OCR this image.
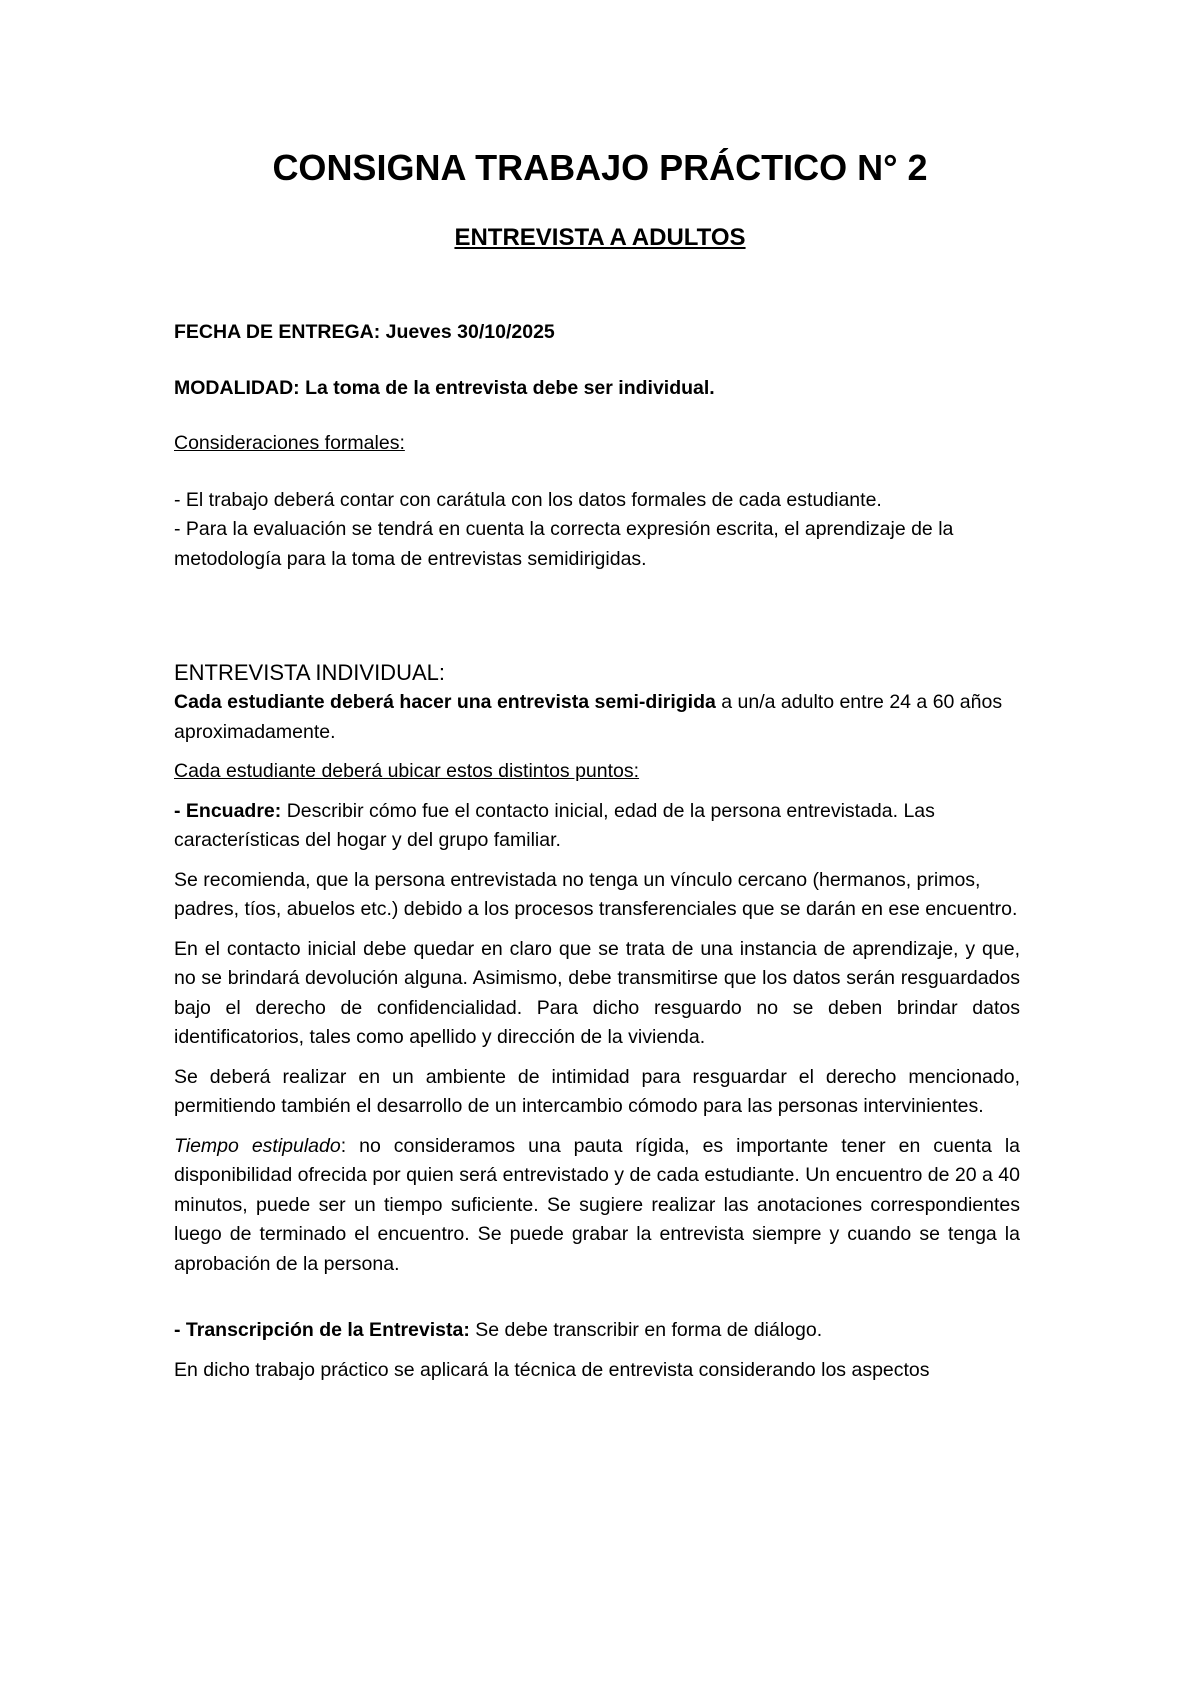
CONSIGNA TRABAJO PRÁCTICO N° 2
ENTREVISTA A ADULTOS

FECHA DE ENTREGA: Jueves 30/10/2025

MODALIDAD: La toma de la entrevista debe ser individual.

Consideraciones formales:

- El trabajo deberá contar con carátula con los datos formales de cada estudiante.

- Para la evaluación se tendrá en cuenta la correcta expresión escrita, el aprendizaje de la metodología para la toma de entrevistas semidirigidas.

ENTREVISTA INDIVIDUAL:

Cada estudiante deberá hacer una entrevista semi-dirigida a un/a adulto entre 24 a 60 años aproximadamente.

Cada estudiante deberá ubicar estos distintos puntos:

- Encuadre: Describir cómo fue el contacto inicial, edad de la persona entrevistada. Las características del hogar y del grupo familiar.

Se recomienda, que la persona entrevistada no tenga un vínculo cercano (hermanos, primos, padres, tíos, abuelos etc.) debido a los procesos transferenciales que se darán en ese encuentro.

En el contacto inicial debe quedar en claro que se trata de una instancia de aprendizaje, y que, no se brindará devolución alguna. Asimismo, debe transmitirse que los datos serán resguardados bajo el derecho de confidencialidad. Para dicho resguardo no se deben brindar datos identificatorios, tales como apellido y dirección de la vivienda.

Se deberá realizar en un ambiente de intimidad para resguardar el derecho mencionado, permitiendo también el desarrollo de un intercambio cómodo para las personas intervinientes.

Tiempo estipulado: no consideramos una pauta rígida, es importante tener en cuenta la disponibilidad ofrecida por quien será entrevistado y de cada estudiante. Un encuentro de 20 a 40 minutos, puede ser un tiempo suficiente. Se sugiere realizar las anotaciones correspondientes luego de terminado el encuentro. Se puede grabar la entrevista siempre y cuando se tenga la aprobación de la persona.

- Transcripción de la Entrevista: Se debe transcribir en forma de diálogo.

En dicho trabajo práctico se aplicará la técnica de entrevista considerando los aspectos
